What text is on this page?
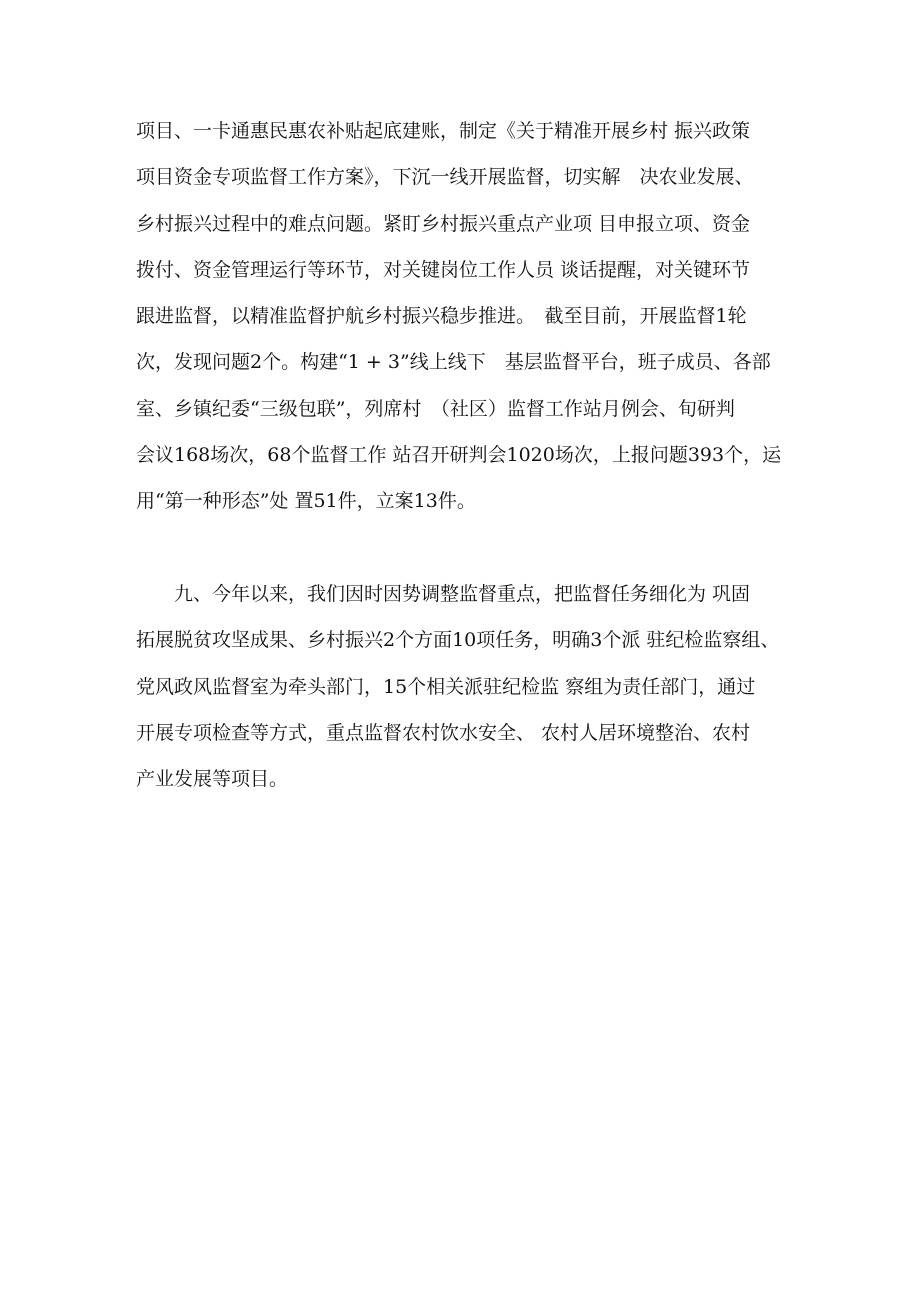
项目、一卡通惠民惠农补贴起底建账，制定《关于精准开展乡村 振兴政策
项目资金专项监督工作方案》，下沉一线开展监督，切实解　决农业发展、
乡村振兴过程中的难点问题。紧盯乡村振兴重点产业项 目申报立项、资金
拨付、资金管理运行等环节，对关键岗位工作人员 谈话提醒，对关键环节
跟进监督，以精准监督护航乡村振兴稳步推进。　截至目前，开展监督1轮
次，发现问题2个。构建“1 + 3”线上线下　基层监督平台，班子成员、各部
室、乡镇纪委“三级包联”，列席村　（社区）监督工作站月例会、旬研判
会议168场次，68个监督工作 站召开研判会1020场次，上报问题393个，运
用“第一种形态”处 置51件，立案13件。
　　九、今年以来，我们因时因势调整监督重点，把监督任务细化为 巩固
拓展脱贫攻坚成果、乡村振兴2个方面10项任务，明确3个派 驻纪检监察组、
党风政风监督室为牵头部门，15个相关派驻纪检监 察组为责任部门，通过
开展专项检查等方式，重点监督农村饮水安全、 农村人居环境整治、农村
产业发展等项目。
